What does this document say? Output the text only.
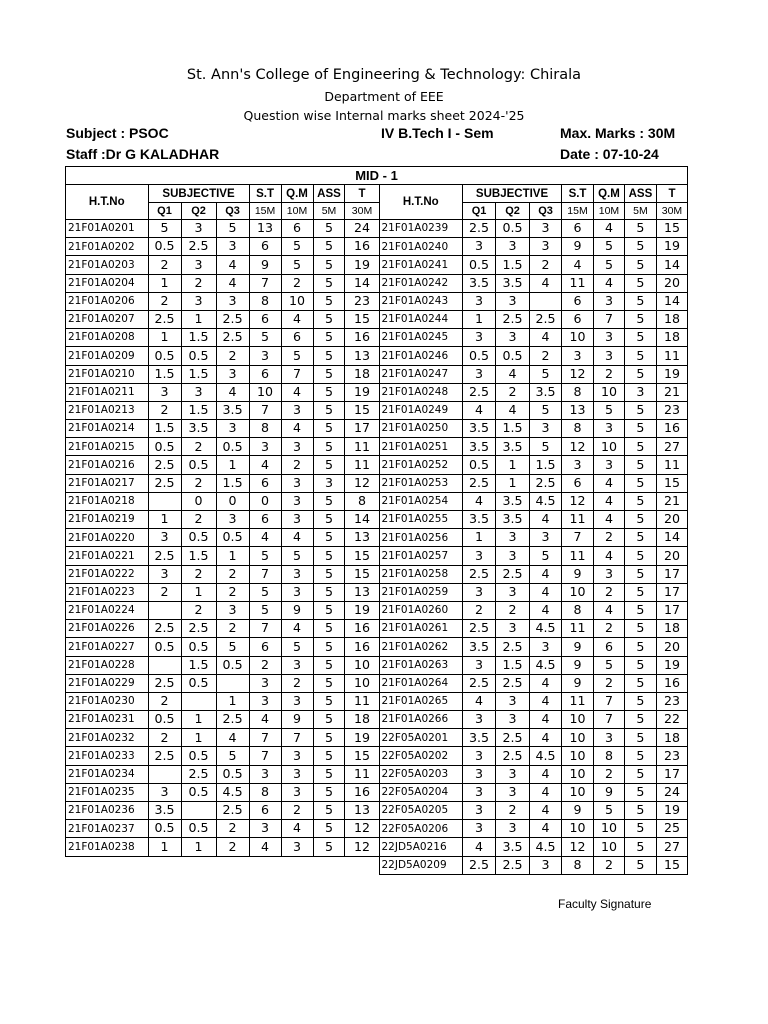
St. Ann's College of Engineering & Technology: Chirala
Department of EEE
Question wise Internal marks sheet 2024-'25
Subject : PSOC	IV B.Tech I - Sem	Max. Marks : 30M
Staff :Dr G KALADHAR	Date : 07-10-24
MID - 1															
H.T.No	SUBJECTIVE			S.T	Q.M	ASS	T	H.T.No	SUBJECTIVE			S.T	Q.M	ASS	T
	Q1	Q2	Q3	15M	10M	5M	30M		Q1	Q2	Q3	15M	10M	5M	30M
21F01A0201	5	3	5	13	6	5	24	21F01A0239	2.5	0.5	3	6	4	5	15
21F01A0202	0.5	2.5	3	6	5	5	16	21F01A0240	3	3	3	9	5	5	19
21F01A0203	2	3	4	9	5	5	19	21F01A0241	0.5	1.5	2	4	5	5	14
21F01A0204	1	2	4	7	2	5	14	21F01A0242	3.5	3.5	4	11	4	5	20
21F01A0206	2	3	3	8	10	5	23	21F01A0243	3	3		6	3	5	14
21F01A0207	2.5	1	2.5	6	4	5	15	21F01A0244	1	2.5	2.5	6	7	5	18
21F01A0208	1	1.5	2.5	5	6	5	16	21F01A0245	3	3	4	10	3	5	18
21F01A0209	0.5	0.5	2	3	5	5	13	21F01A0246	0.5	0.5	2	3	3	5	11
21F01A0210	1.5	1.5	3	6	7	5	18	21F01A0247	3	4	5	12	2	5	19
21F01A0211	3	3	4	10	4	5	19	21F01A0248	2.5	2	3.5	8	10	3	21
21F01A0213	2	1.5	3.5	7	3	5	15	21F01A0249	4	4	5	13	5	5	23
21F01A0214	1.5	3.5	3	8	4	5	17	21F01A0250	3.5	1.5	3	8	3	5	16
21F01A0215	0.5	2	0.5	3	3	5	11	21F01A0251	3.5	3.5	5	12	10	5	27
21F01A0216	2.5	0.5	1	4	2	5	11	21F01A0252	0.5	1	1.5	3	3	5	11
21F01A0217	2.5	2	1.5	6	3	3	12	21F01A0253	2.5	1	2.5	6	4	5	15
21F01A0218		0	0	0	3	5	8	21F01A0254	4	3.5	4.5	12	4	5	21
21F01A0219	1	2	3	6	3	5	14	21F01A0255	3.5	3.5	4	11	4	5	20
21F01A0220	3	0.5	0.5	4	4	5	13	21F01A0256	1	3	3	7	2	5	14
21F01A0221	2.5	1.5	1	5	5	5	15	21F01A0257	3	3	5	11	4	5	20
21F01A0222	3	2	2	7	3	5	15	21F01A0258	2.5	2.5	4	9	3	5	17
21F01A0223	2	1	2	5	3	5	13	21F01A0259	3	3	4	10	2	5	17
21F01A0224		2	3	5	9	5	19	21F01A0260	2	2	4	8	4	5	17
21F01A0226	2.5	2.5	2	7	4	5	16	21F01A0261	2.5	3	4.5	11	2	5	18
21F01A0227	0.5	0.5	5	6	5	5	16	21F01A0262	3.5	2.5	3	9	6	5	20
21F01A0228		1.5	0.5	2	3	5	10	21F01A0263	3	1.5	4.5	9	5	5	19
21F01A0229	2.5	0.5		3	2	5	10	21F01A0264	2.5	2.5	4	9	2	5	16
21F01A0230	2		1	3	3	5	11	21F01A0265	4	3	4	11	7	5	23
21F01A0231	0.5	1	2.5	4	9	5	18	21F01A0266	3	3	4	10	7	5	22
21F01A0232	2	1	4	7	7	5	19	22F05A0201	3.5	2.5	4	10	3	5	18
21F01A0233	2.5	0.5	5	7	3	5	15	22F05A0202	3	2.5	4.5	10	8	5	23
21F01A0234		2.5	0.5	3	3	5	11	22F05A0203	3	3	4	10	2	5	17
21F01A0235	3	0.5	4.5	8	3	5	16	22F05A0204	3	3	4	10	9	5	24
21F01A0236	3.5		2.5	6	2	5	13	22F05A0205	3	2	4	9	5	5	19
21F01A0237	0.5	0.5	2	3	4	5	12	22F05A0206	3	3	4	10	10	5	25
21F01A0238	1	1	2	4	3	5	12	22JD5A0216	4	3.5	4.5	12	10	5	27
								22JD5A0209	2.5	2.5	3	8	2	5	15
Faculty Signature
